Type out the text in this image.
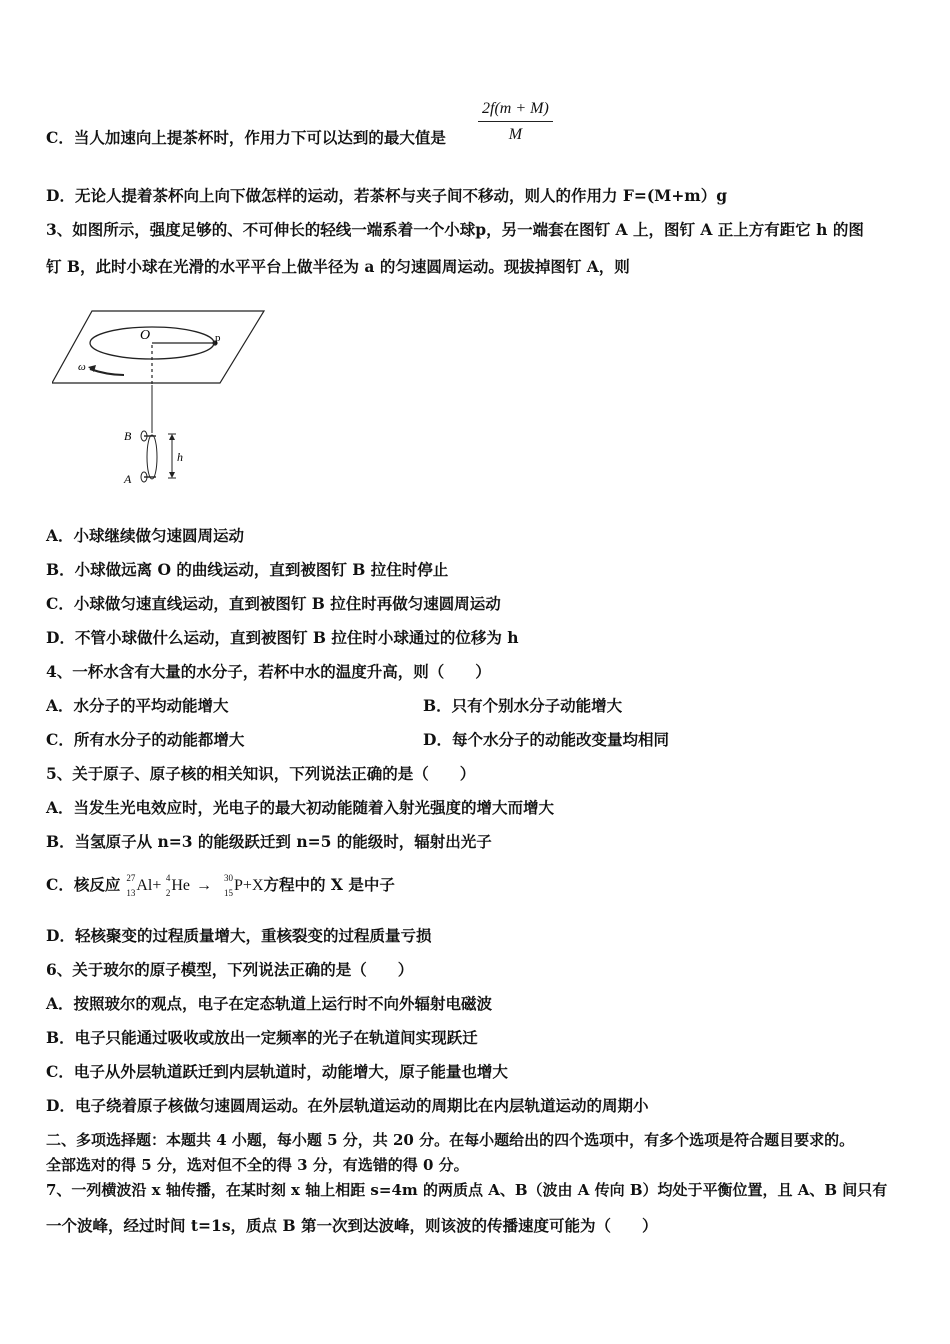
C．当人加速向上提茶杯时，作用力下可以达到的最大值是	$\frac{2f(m + M)}{M}$
D．无论人提着茶杯向上向下做怎样的运动，若茶杯与夹子间不移动，则人的作用力 F=(M+m）g
3、如图所示，强度足够的、不可伸长的轻线一端系着一个小球p，另一端套在图钉 A 上，图钉 A 正上方有距它 h 的图
钉 B，此时小球在光滑的水平平台上做半径为 a 的匀速圆周运动。现拔掉图钉 A，则
O	p
ω
B
A
h
A．小球继续做匀速圆周运动
B．小球做远离 O 的曲线运动，直到被图钉 B 拉住时停止
C．小球做匀速直线运动，直到被图钉 B 拉住时再做匀速圆周运动
D．不管小球做什么运动，直到被图钉 B 拉住时小球通过的位移为 h
4、一杯水含有大量的水分子，若杯中水的温度升高，则（　　）
A．水分子的平均动能增大	B．只有个别水分子动能增大
C．所有水分子的动能都增大	D．每个水分子的动能改变量均相同
5、关于原子、原子核的相关知识，下列说法正确的是（　　）
A．当发生光电效应时，光电子的最大初动能随着入射光强度的增大而增大
B．当氢原子从 n=3 的能级跃迁到 n=5 的能级时，辐射出光子
C．核反应 27
13 Al+ 4
2 He → 30
15 P+X方程中的 X 是中子
D．轻核聚变的过程质量增大，重核裂变的过程质量亏损
6、关于玻尔的原子模型，下列说法正确的是（　　）
A．按照玻尔的观点，电子在定态轨道上运行时不向外辐射电磁波
B．电子只能通过吸收或放出一定频率的光子在轨道间实现跃迁
C．电子从外层轨道跃迁到内层轨道时，动能增大，原子能量也增大
D．电子绕着原子核做匀速圆周运动。在外层轨道运动的周期比在内层轨道运动的周期小
二、多项选择题：本题共 4 小题，每小题 5 分，共 20 分。在每小题给出的四个选项中，有多个选项是符合题目要求的。
全部选对的得 5 分，选对但不全的得 3 分，有选错的得 0 分。
7、一列横波沿 x 轴传播，在某时刻 x 轴上相距 s=4m 的两质点 A、B（波由 A 传向 B）均处于平衡位置，且 A、B 间只有
一个波峰，经过时间 t=1s，质点 B 第一次到达波峰，则该波的传播速度可能为（　　）
